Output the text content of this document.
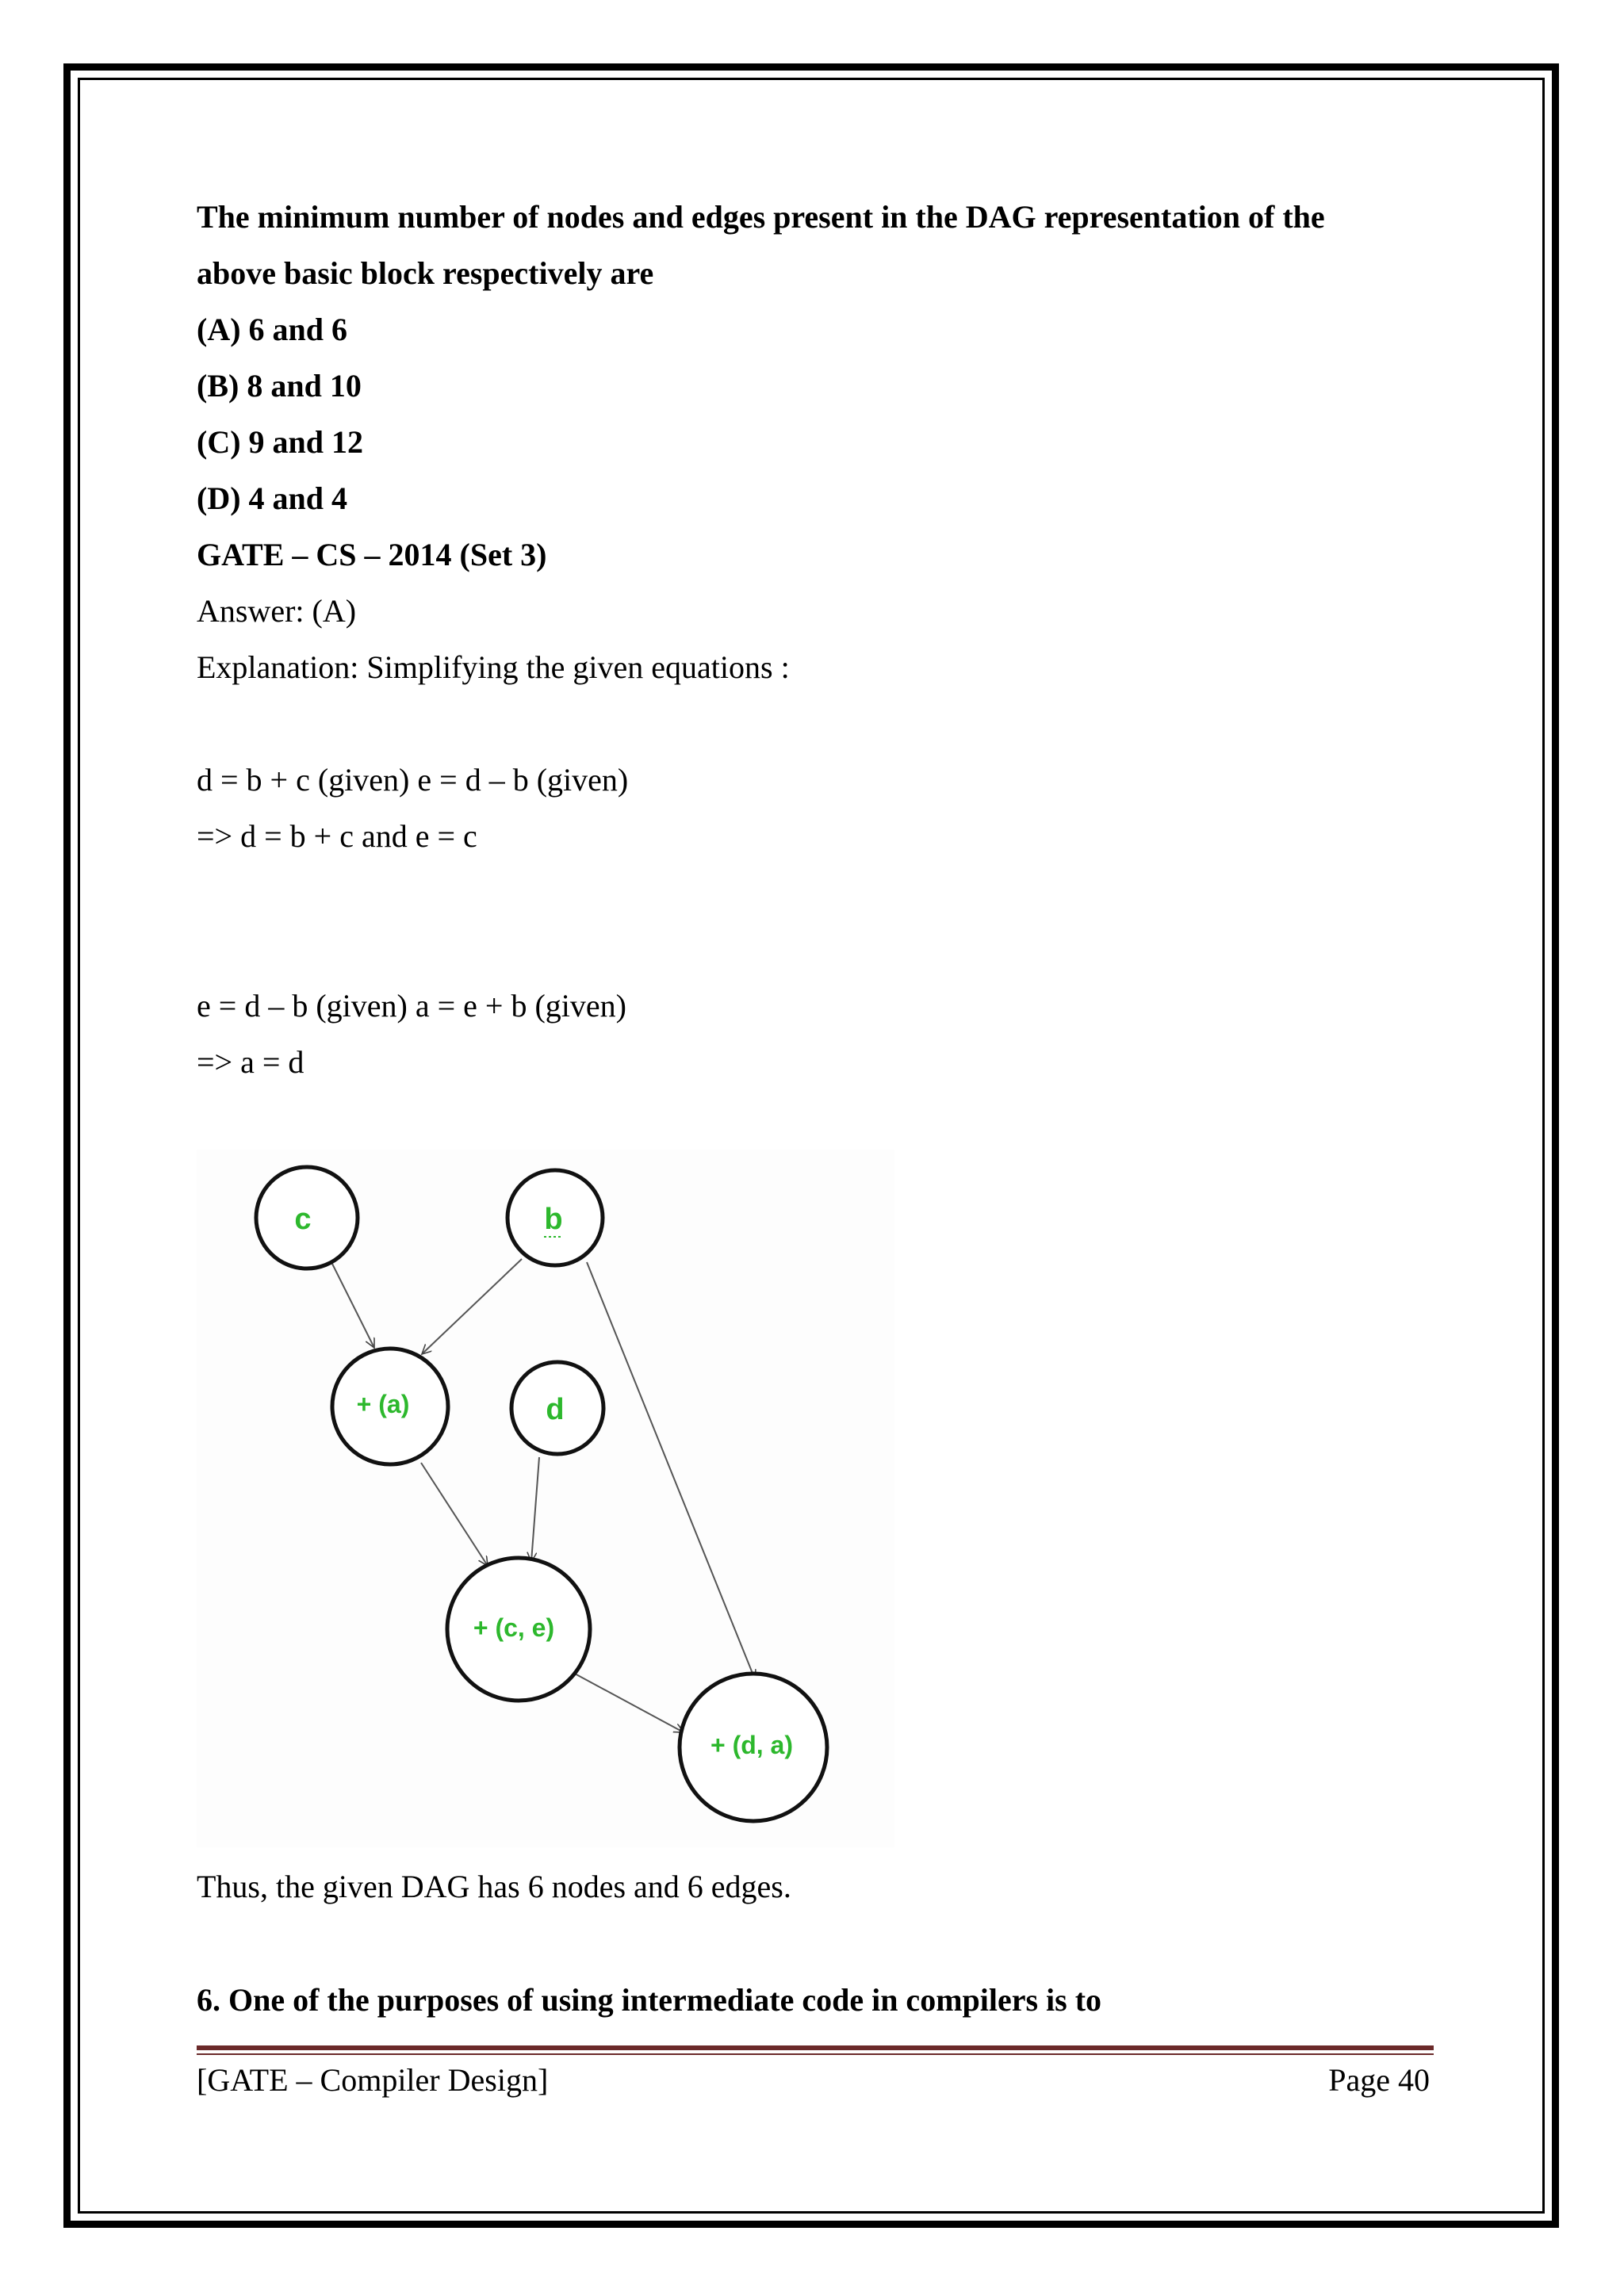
The minimum number of nodes and edges present in the DAG representation of the
above basic block respectively are
(A) 6 and 6
(B) 8 and 10
(C) 9 and 12
(D) 4 and 4
GATE – CS – 2014 (Set 3)
Answer: (A)
Explanation: Simplifying the given equations :
d = b + c (given) e = d – b (given)
=> d = b + c and e = c
e = d – b (given) a = e + b (given)
=> a = d
Thus, the given DAG has 6 nodes and 6 edges.
6. One of the purposes of using intermediate code in compilers is to
c	b
+ (a)	d
+ (c, e)
+ (d, a)
[GATE – Compiler Design]	Page 40
